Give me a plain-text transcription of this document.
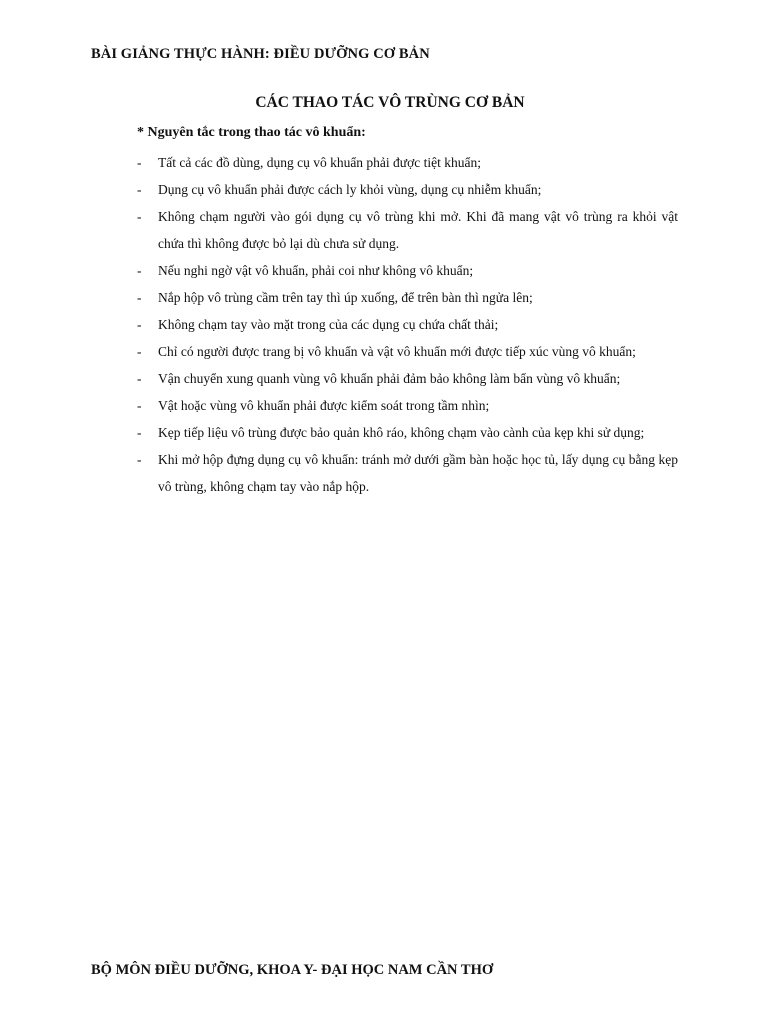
BÀI GIẢNG THỰC HÀNH: ĐIỀU DƯỠNG CƠ BẢN
CÁC THAO TÁC VÔ TRÙNG CƠ BẢN
* Nguyên tắc trong thao tác vô khuẩn:
- Tất cả các đồ dùng, dụng cụ vô khuẩn phải được tiệt khuẩn;
- Dụng cụ vô khuẩn phải được cách ly khỏi vùng, dụng cụ nhiễm khuẩn;
- Không chạm người vào gói dụng cụ vô trùng khi mở. Khi đã mang vật vô trùng ra khỏi vật chứa thì không được bỏ lại dù chưa sử dụng.
- Nếu nghi ngờ vật vô khuẩn, phải coi như không vô khuẩn;
- Nắp hộp vô trùng cầm trên tay thì úp xuống, để trên bàn thì ngửa lên;
- Không chạm tay vào mặt trong của các dụng cụ chứa chất thải;
- Chỉ có người được trang bị vô khuẩn và vật vô khuẩn mới được tiếp xúc vùng vô khuẩn;
- Vận chuyển xung quanh vùng vô khuẩn phải đảm bảo không làm bẩn vùng vô khuẩn;
- Vật hoặc vùng vô khuẩn phải được kiểm soát trong tầm nhìn;
- Kẹp tiếp liệu vô trùng được bảo quản khô ráo, không chạm vào cành của kẹp khi sử dụng;
- Khi mở hộp đựng dụng cụ vô khuẩn: tránh mở dưới gầm bàn hoặc học tủ, lấy dụng cụ bằng kẹp vô trùng, không chạm tay vào nắp hộp.
BỘ MÔN ĐIỀU DƯỠNG, KHOA Y- ĐẠI HỌC NAM CẦN THƠ
